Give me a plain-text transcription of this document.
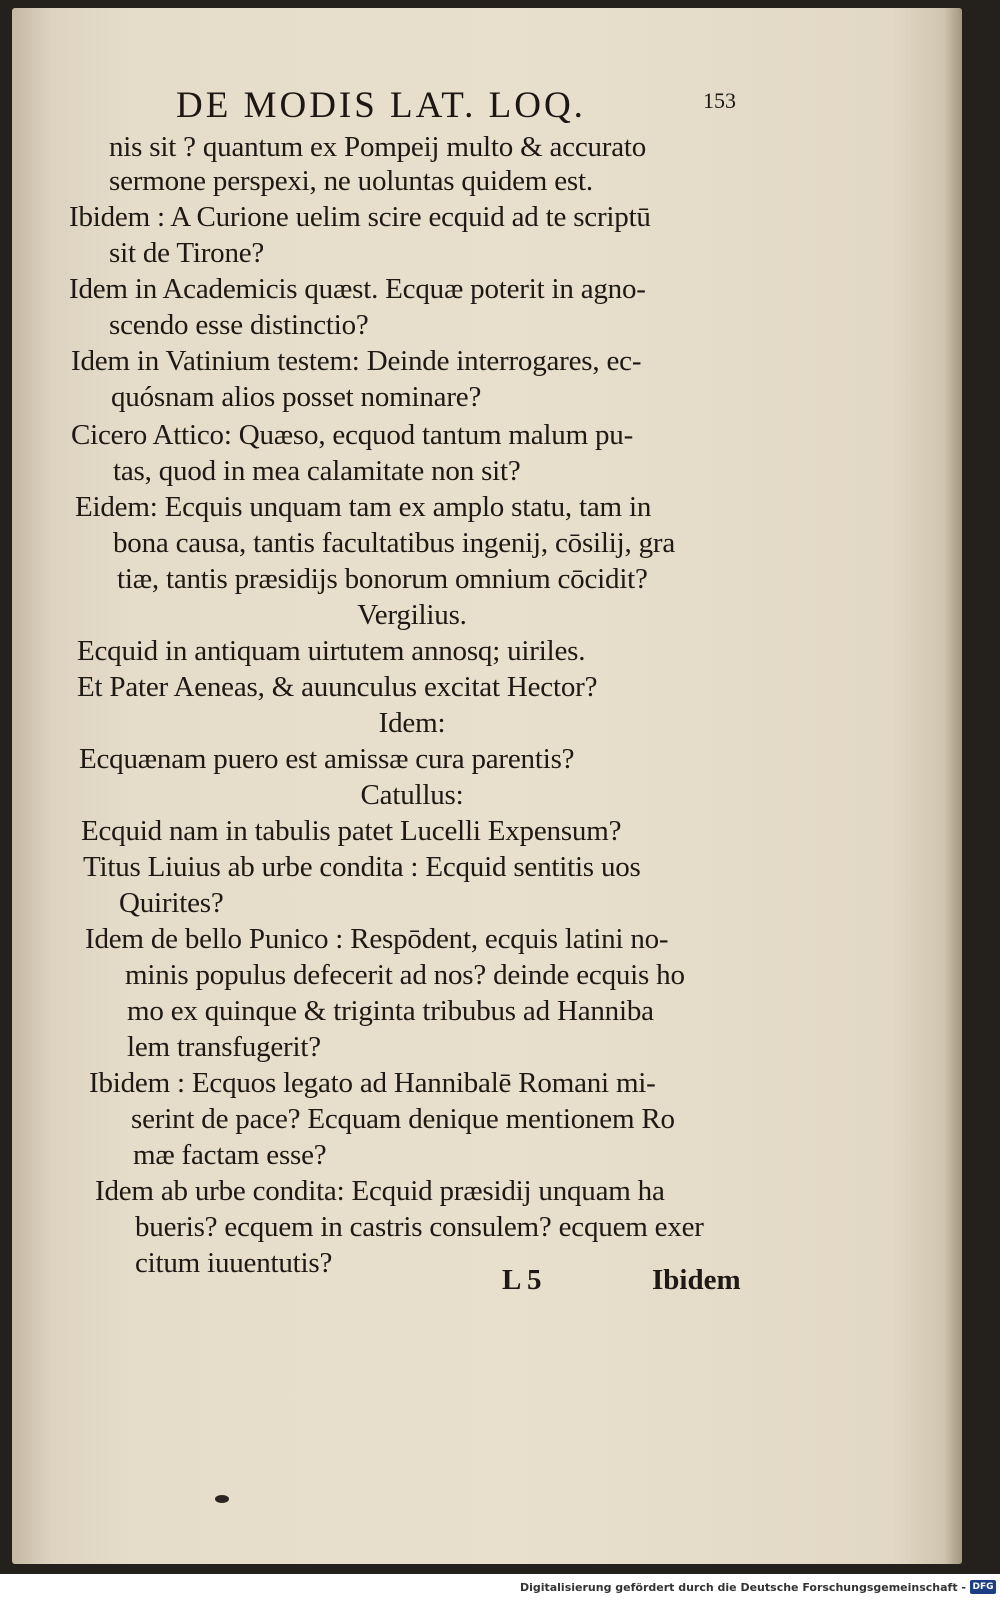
DE MODIS LAT. LOQ.	153
nis sit ? quantum ex Pompeij multo & accurato
sermone perspexi, ne uoluntas quidem est.
Ibidem : A Curione uelim scire ecquid ad te scriptū
sit de Tirone?
Idem in Academicis quæst. Ecquæ poterit in agno-
scendo esse distinctio?
Idem in Vatinium testem: Deinde interrogares, ec-
quósnam alios posset nominare?
Cicero Attico: Quæso, ecquod tantum malum pu-
tas, quod in mea calamitate non sit?
Eidem: Ecquis unquam tam ex amplo statu, tam in
bona causa, tantis facultatibus ingenij, cōsilij, gra
tiæ, tantis præsidijs bonorum omnium cōcidit?
Vergilius.
Ecquid in antiquam uirtutem annosq; uiriles.
Et Pater Aeneas, & auunculus excitat Hector?
Idem:
Ecquænam puero est amissæ cura parentis?
Catullus:
Ecquid nam in tabulis patet Lucelli Expensum?
Titus Liuius ab urbe condita : Ecquid sentitis uos
Quirites?
Idem de bello Punico : Respōdent, ecquis latini no-
minis populus defecerit ad nos? deinde ecquis ho
mo ex quinque & triginta tribubus ad Hanniba
lem transfugerit?
Ibidem : Ecquos legato ad Hannibalē Romani mi-
serint de pace? Ecquam denique mentionem Ro
mæ factam esse?
Idem ab urbe condita: Ecquid præsidij unquam ha
bueris? ecquem in castris consulem? ecquem exer
citum iuuentutis?
L 5	Ibidem
Digitalisierung gefördert durch die Deutsche Forschungsgemeinschaft - DFG
